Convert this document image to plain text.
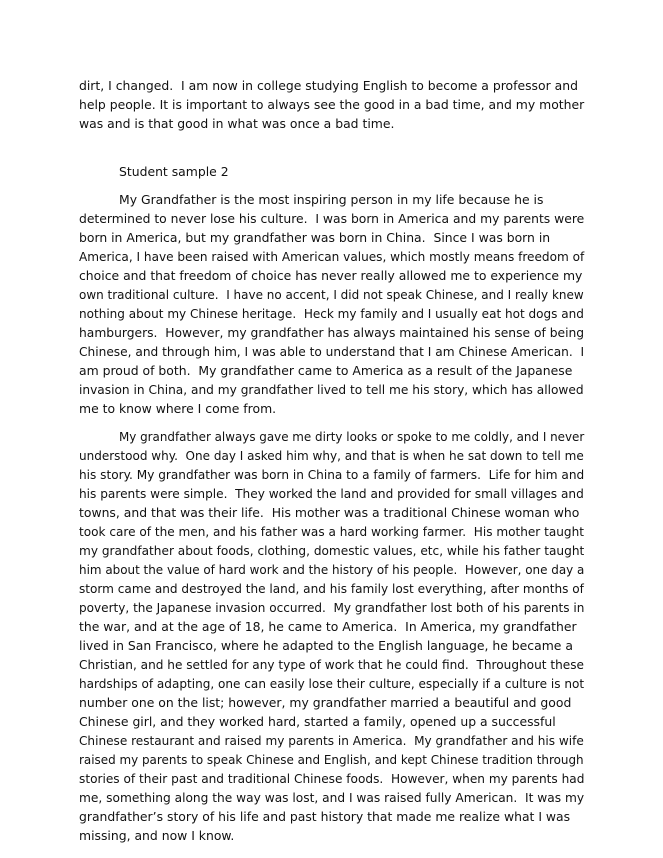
dirt, I changed.  I am now in college studying English to become a professor and
help people. It is important to always see the good in a bad time, and my mother
was and is that good in what was once a bad time.
Student sample 2
My Grandfather is the most inspiring person in my life because he is
determined to never lose his culture.  I was born in America and my parents were
born in America, but my grandfather was born in China.  Since I was born in
America, I have been raised with American values, which mostly means freedom of
choice and that freedom of choice has never really allowed me to experience my
own traditional culture.  I have no accent, I did not speak Chinese, and I really knew
nothing about my Chinese heritage.  Heck my family and I usually eat hot dogs and
hamburgers.  However, my grandfather has always maintained his sense of being
Chinese, and through him, I was able to understand that I am Chinese American.  I
am proud of both.  My grandfather came to America as a result of the Japanese
invasion in China, and my grandfather lived to tell me his story, which has allowed
me to know where I come from.
My grandfather always gave me dirty looks or spoke to me coldly, and I never
understood why.  One day I asked him why, and that is when he sat down to tell me
his story. My grandfather was born in China to a family of farmers.  Life for him and
his parents were simple.  They worked the land and provided for small villages and
towns, and that was their life.  His mother was a traditional Chinese woman who
took care of the men, and his father was a hard working farmer.  His mother taught
my grandfather about foods, clothing, domestic values, etc, while his father taught
him about the value of hard work and the history of his people.  However, one day a
storm came and destroyed the land, and his family lost everything, after months of
poverty, the Japanese invasion occurred.  My grandfather lost both of his parents in
the war, and at the age of 18, he came to America.  In America, my grandfather
lived in San Francisco, where he adapted to the English language, he became a
Christian, and he settled for any type of work that he could find.  Throughout these
hardships of adapting, one can easily lose their culture, especially if a culture is not
number one on the list; however, my grandfather married a beautiful and good
Chinese girl, and they worked hard, started a family, opened up a successful
Chinese restaurant and raised my parents in America.  My grandfather and his wife
raised my parents to speak Chinese and English, and kept Chinese tradition through
stories of their past and traditional Chinese foods.  However, when my parents had
me, something along the way was lost, and I was raised fully American.  It was my
grandfather’s story of his life and past history that made me realize what I was
missing, and now I know.
